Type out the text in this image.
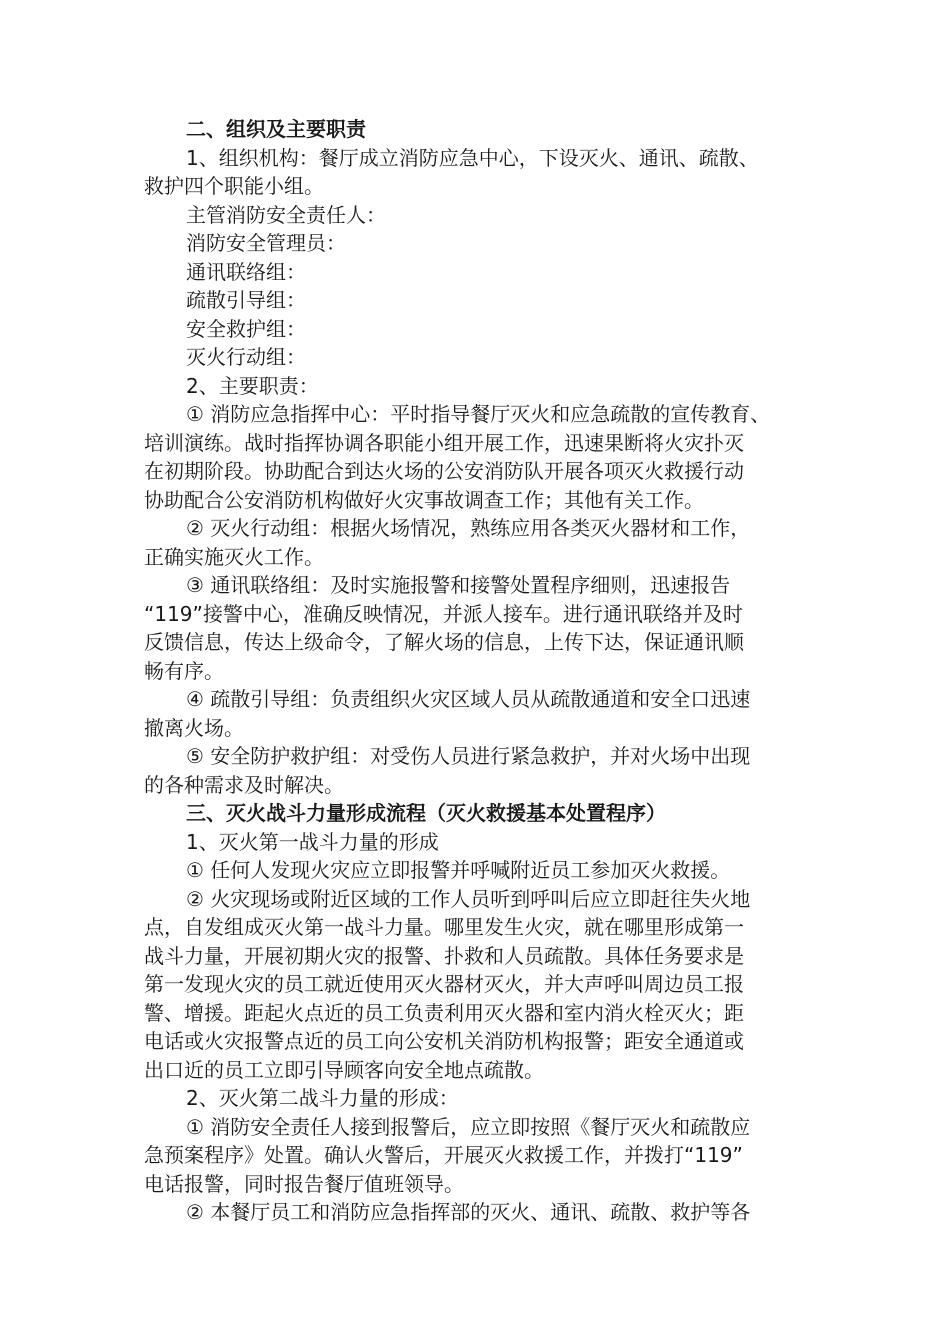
二、组织及主要职责
1、组织机构：餐厅成立消防应急中心，下设灭火、通讯、疏散、
救护四个职能小组。
主管消防安全责任人：
消防安全管理员：
通讯联络组：
疏散引导组：
安全救护组：
灭火行动组：
2、主要职责：
① 消防应急指挥中心：平时指导餐厅灭火和应急疏散的宣传教育、
培训演练。战时指挥协调各职能小组开展工作，迅速果断将火灾扑灭
在初期阶段。协助配合到达火场的公安消防队开展各项灭火救援行动
协助配合公安消防机构做好火灾事故调查工作；其他有关工作。
② 灭火行动组：根据火场情况，熟练应用各类灭火器材和工作，
正确实施灭火工作。
③ 通讯联络组：及时实施报警和接警处置程序细则，迅速报告
“119”接警中心，准确反映情况，并派人接车。进行通讯联络并及时
反馈信息，传达上级命令，了解火场的信息，上传下达，保证通讯顺
畅有序。
④ 疏散引导组：负责组织火灾区域人员从疏散通道和安全口迅速
撤离火场。
⑤ 安全防护救护组：对受伤人员进行紧急救护，并对火场中出现
的各种需求及时解决。
三、灭火战斗力量形成流程（灭火救援基本处置程序）
1、灭火第一战斗力量的形成
① 任何人发现火灾应立即报警并呼喊附近员工参加灭火救援。
② 火灾现场或附近区域的工作人员听到呼叫后应立即赶往失火地
点，自发组成灭火第一战斗力量。哪里发生火灾，就在哪里形成第一
战斗力量，开展初期火灾的报警、扑救和人员疏散。具体任务要求是
第一发现火灾的员工就近使用灭火器材灭火，并大声呼叫周边员工报
警、增援。距起火点近的员工负责利用灭火器和室内消火栓灭火；距
电话或火灾报警点近的员工向公安机关消防机构报警；距安全通道或
出口近的员工立即引导顾客向安全地点疏散。
2、灭火第二战斗力量的形成：
① 消防安全责任人接到报警后，应立即按照《餐厅灭火和疏散应
急预案程序》处置。确认火警后，开展灭火救援工作，并拨打“119”
电话报警，同时报告餐厅值班领导。
② 本餐厅员工和消防应急指挥部的灭火、通讯、疏散、救护等各
